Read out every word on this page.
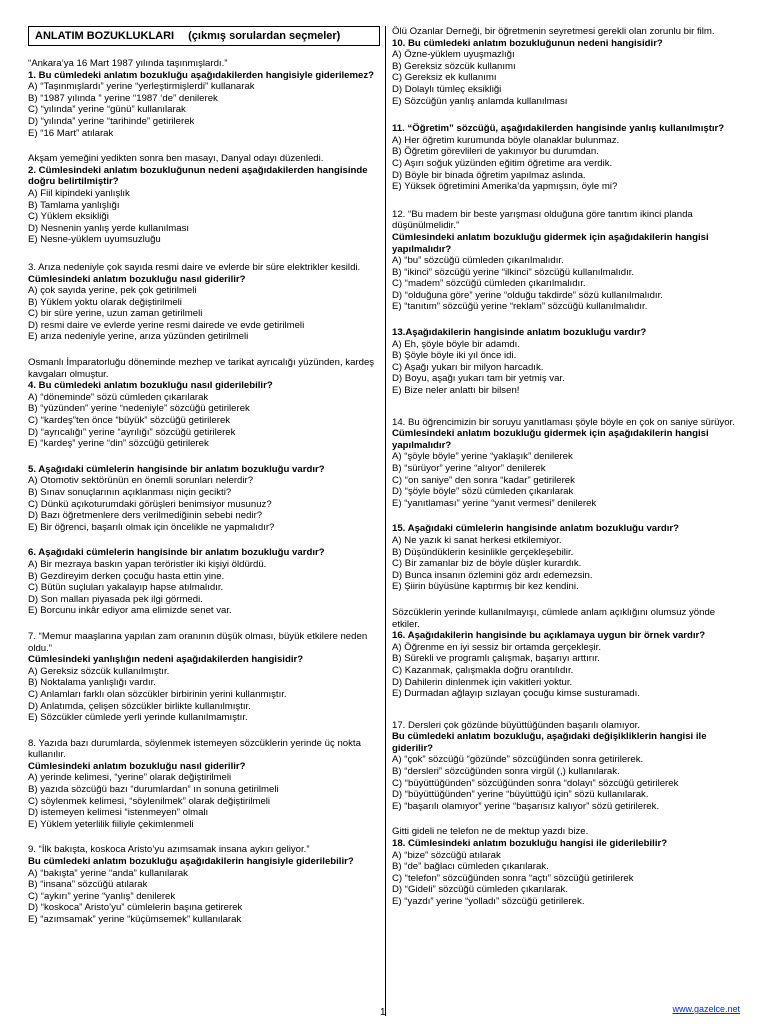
ANLATIM BOZUKLUKLARI (çıkmış sorulardan seçmeler)

“Ankara’ya 16 Mart 1987 yılında taşınmışlardı.”

1. Bu cümledeki anlatım bozukluğu aşağıdakilerden hangisiyle giderilemez?

A) “Taşınmışlardı” yerine “yerleştirmişlerdi” kullanarak

B) “1987 yılında ” yerine “1987 ‘de” denilerek

C) “yılında” yerine “günü” kullanılarak

D) “yılında” yerine “tarihinde” getirilerek

E) “16 Mart” atılarak

Akşam yemeğini yedikten sonra ben masayı, Danyal odayı düzenledi.

2. Cümlesindeki anlatım bozukluğunun nedeni aşağıdakilerden hangisinde doğru belirtilmiştir?

A) Fiil kipindeki yanlışlık

B) Tamlama yanlışlığı

C) Yüklem eksikliği

D) Nesnenin yanlış yerde kullanılması

E) Nesne-yüklem uyumsuzluğu

3. Arıza nedeniyle çok sayıda resmi daire ve evlerde bir süre elektrikler kesildi.

Cümlesindeki anlatım bozukluğu nasıl giderilir?

A) çok sayıda yerine, pek çok getirilmeli

B) Yüklem yoktu olarak değiştirilmeli

C) bir süre yerine, uzun zaman getirilmeli

D) resmi daire ve evlerde yerine resmi dairede ve evde getirilmeli

E) arıza nedeniyle yerine, arıza yüzünden getirilmeli

Osmanlı İmparatorluğu döneminde mezhep ve tarikat ayrıcalığı yüzünden, kardeş kavgaları olmuştur.

4. Bu cümledeki anlatım bozukluğu nasıl giderilebilir?

A) “döneminde” sözü cümleden çıkarılarak

B) “yüzünden” yerine “nedeniyle” sözcüğü getirilerek

C) “kardeş”ten önce “büyük” sözcüğü getirilerek

D) “ayrıcalığı” yerine “ayrılığı” sözcüğü getirilerek

E) “kardeş” yerine “din” sözcüğü getirilerek

5. Aşağıdaki cümlelerin hangisinde bir anlatım bozukluğu vardır?

A) Otomotiv sektörünün en önemli sorunları nelerdir?

B) Sınav sonuçlarının açıklanması niçin gecikti?

C) Dünkü açıkoturumdaki görüşleri benimsiyor musunuz?

D) Bazı öğretmenlere ders verilmediğinin sebebi nedir?

E) Bir öğrenci, başarılı olmak için öncelikle ne yapmalıdır?

6. Aşağıdaki cümlelerin hangisinde bir anlatım bozukluğu vardır?

A) Bir mezraya baskın yapan teröristler iki kişiyi öldürdü.

B) Gezdireyim derken çocuğu hasta ettin yine.

C) Bütün suçluları yakalayıp hapse atılmalıdır.

D) Son malları piyasada pek ilgi görmedi.

E) Borcunu inkâr ediyor ama elimizde senet var.

7. “Memur maaşlarına yapılan zam oranının düşük olması, büyük etkilere neden oldu.”

Cümlesindeki yanlışlığın nedeni aşağıdakilerden hangisidir?

A) Gereksiz sözcük kullanılmıştır.

B) Noktalama yanlışlığı vardır.

C) Anlamları farklı olan sözcükler birbirinin yerini kullanmıştır.

D) Anlatımda, çelişen sözcükler birlikte kullanılmıştır.

E) Sözcükler cümlede yerli yerinde kullanılmamıştır.

8. Yazıda bazı durumlarda, söylenmek istemeyen sözcüklerin yerinde üç nokta kullanılır.

Cümlesindeki anlatım bozukluğu nasıl giderilir?

A) yerinde kelimesi, “yerine” olarak değiştirilmeli

B) yazıda sözcüğü bazı “durumlardan” ın sonuna getirilmeli

C) söylenmek kelimesi, “söylenilmek” olarak değiştirilmeli

D) istemeyen kelimesi “istenmeyen” olmalı

E) Yüklem yeterlilik fiiliyle çekimlenmeli

9. “İlk bakışta, koskoca Aristo’yu azımsamak insana aykırı geliyor.”

Bu cümledeki anlatım bozukluğu aşağıdakilerin hangisiyle giderilebilir?

A) “bakışta” yerine “anda” kullanılarak

B) “insana” sözcüğü atılarak

C) “aykırı” yerine “yanlış” denilerek

D) “koskoca” Aristo’yu” cümlelerin başına getirerek

E) “azımsamak” yerine “küçümsemek” kullanılarak

Ölü Ozanlar Derneği, bir öğretmenin seyretmesi gerekli olan zorunlu bir film.

10. Bu cümledeki anlatım bozukluğunun nedeni hangisidir?

A) Özne-yüklem uyuşmazlığı

B) Gereksiz sözcük kullanımı

C) Gereksiz ek kullanımı

D) Dolaylı tümleç eksikliği

E) Sözcüğün yanlış anlamda kullanılması

11. “Öğretim” sözcüğü, aşağıdakilerden hangisinde yanlış kullanılmıştır?

A) Her öğretim kurumunda böyle olanaklar bulunmaz.

B) Öğretim görevlileri de yakınıyor bu durumdan.

C) Aşırı soğuk yüzünden eğitim öğretime ara verdik.

D) Böyle bir binada öğretim yapılmaz aslında.

E) Yüksek öğretimini Amerika’da yapmışsın, öyle mi?

12. “Bu madem bir beste yarışması olduğuna göre tanıtım ikinci planda düşünülmelidir.”

Cümlesindeki anlatım bozukluğu gidermek için aşağıdakilerin hangisi yapılmalıdır?

A) “bu” sözcüğü cümleden çıkarılmalıdır.

B) “ikinci” sözcüğü yerine “ilkinci” sözcüğü kullanılmalıdır.

C) “madem” sözcüğü cümleden çıkarılmalıdır.

D) “olduğuna göre” yerine “olduğu takdirde” sözü kullanılmalıdır.

E) “tanıtım” sözcüğü yerine “reklam” sözcüğü kullanılmalıdır.

13.Aşağıdakilerin hangisinde anlatım bozukluğu vardır?

A) Eh, şöyle böyle bir adamdı.

B) Şöyle böyle iki yıl önce idi.

C) Aşağı yukarı bir milyon harcadık.

D) Boyu, aşağı yukarı tam bir yetmiş var.

E) Bize neler anlattı bir bilsen!

14. Bu öğrencimizin bir soruyu yanıtlaması şöyle böyle en çok on saniye sürüyor.

Cümlesindeki anlatım bozukluğu gidermek için aşağıdakilerin hangisi yapılmalıdır?

A) “şöyle böyle” yerine “yaklaşık” denilerek

B) “sürüyor” yerine “alıyor” denilerek

C) “on saniye” den sonra “kadar” getirilerek

D) “şöyle böyle” sözü cümleden çıkarılarak

E) “yanıtlaması” yerine “yanıt vermesi” denilerek

15. Aşağıdaki cümlelerin hangisinde anlatım bozukluğu vardır?

A) Ne yazık ki sanat herkesi etkilemiyor.

B) Düşündüklerin kesinlikle gerçekleşebilir.

C) Bir zamanlar biz de böyle düşler kurardık.

D) Bunca insanın özlemini göz ardı edemezsin.

E) Şiirin büyüsüne kaptırmış bir kez kendini.

Sözcüklerin yerinde kullanılmayışı, cümlede anlam açıklığını olumsuz yönde etkiler.

16. Aşağıdakilerin hangisinde bu açıklamaya uygun bir örnek vardır?

A) Öğrenme en iyi sessiz bir ortamda gerçekleşir.

B) Sürekli ve programlı çalışmak, başarıyı arttırır.

C) Kazanmak, çalışmakla doğru orantılıdır.

D) Dahilerin dinlenmek için vakitleri yoktur.

E) Durmadan ağlayıp sızlayan çocuğu kimse susturamadı.

17. Dersleri çok gözünde büyüttüğünden başarılı olamıyor.

Bu cümledeki anlatım bozukluğu, aşağıdaki değişikliklerin hangisi ile giderilir?

A) “çok” sözcüğü “gözünde” sözcüğünden sonra getirilerek.

B) “dersleri” sözcüğünden sonra virgül (,) kullanılarak.

C) “büyüttüğünden” sözcüğünden sonra “dolayı” sözcüğü getirilerek

D) “büyüttüğünden” yerine “büyüttüğü için” sözü kullanılarak.

E) “başarılı olamıyor” yerine “başarısız kalıyor” sözü getirilerek.

Gitti gideli ne telefon ne de mektup yazdı bize.

18. Cümlesindeki anlatım bozukluğu hangisi ile giderilebilir?

A) “bize” sözcüğü atılarak

B) “de” bağlacı cümleden çıkarılarak.

C) “telefon” sözcüğünden sonra “açtı” sözcüğü getirilerek

D) “Gideli” sözcüğü cümleden çıkarılarak.

E) “yazdı” yerine “yolladı” sözcüğü getirilerek.

1	www.gazelce.net
